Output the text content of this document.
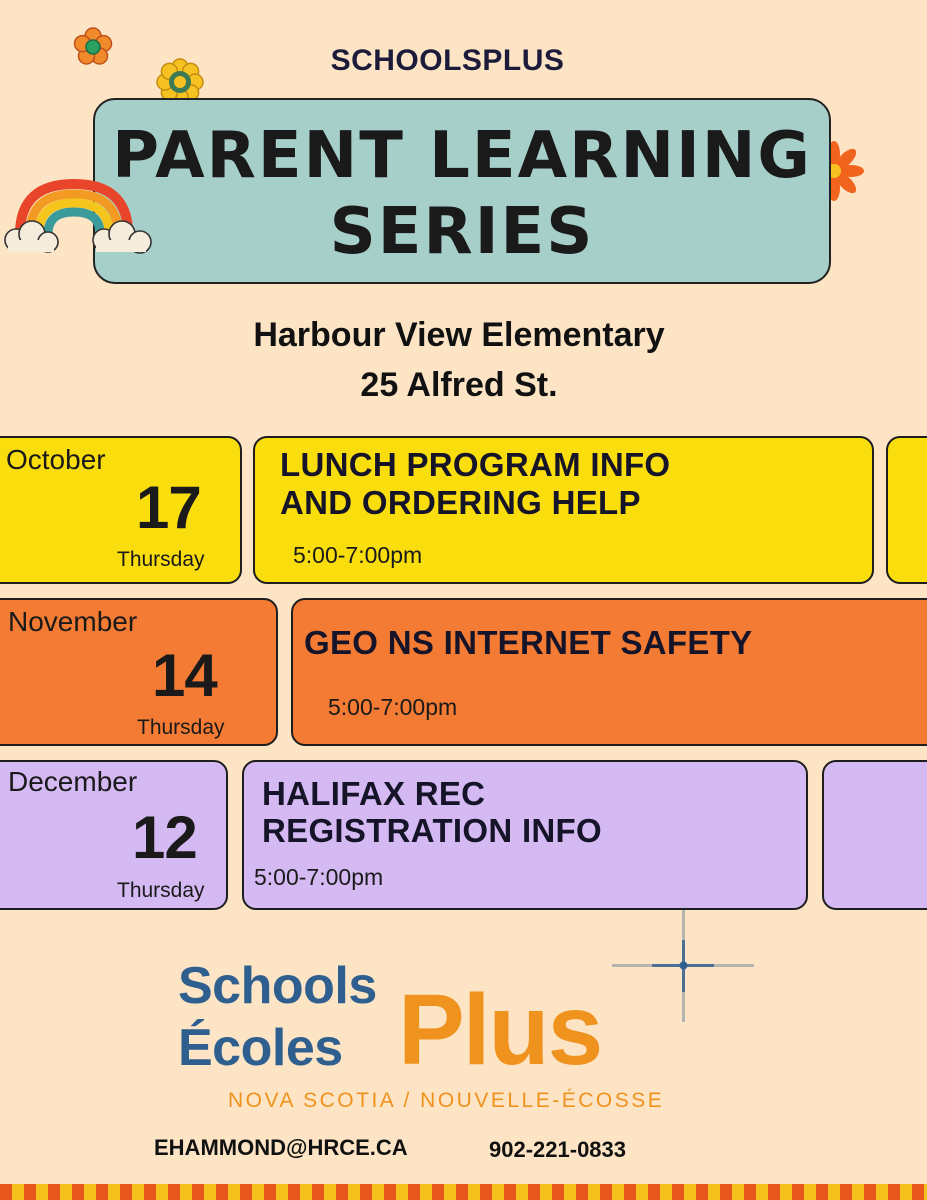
SCHOOLSPLUS
PARENT LEARNING
SERIES
Harbour View Elementary
25 Alfred St.
October
17
Thursday
LUNCH PROGRAM INFO
AND ORDERING HELP
5:00-7:00pm
November
14
Thursday
GEO NS INTERNET SAFETY
5:00-7:00pm
December
12
Thursday
HALIFAX REC
REGISTRATION INFO
5:00-7:00pm
Schools
Écoles Plus
NOVA SCOTIA / NOUVELLE-ÉCOSSE
EHAMMOND@HRCE.CA	902-221-0833
